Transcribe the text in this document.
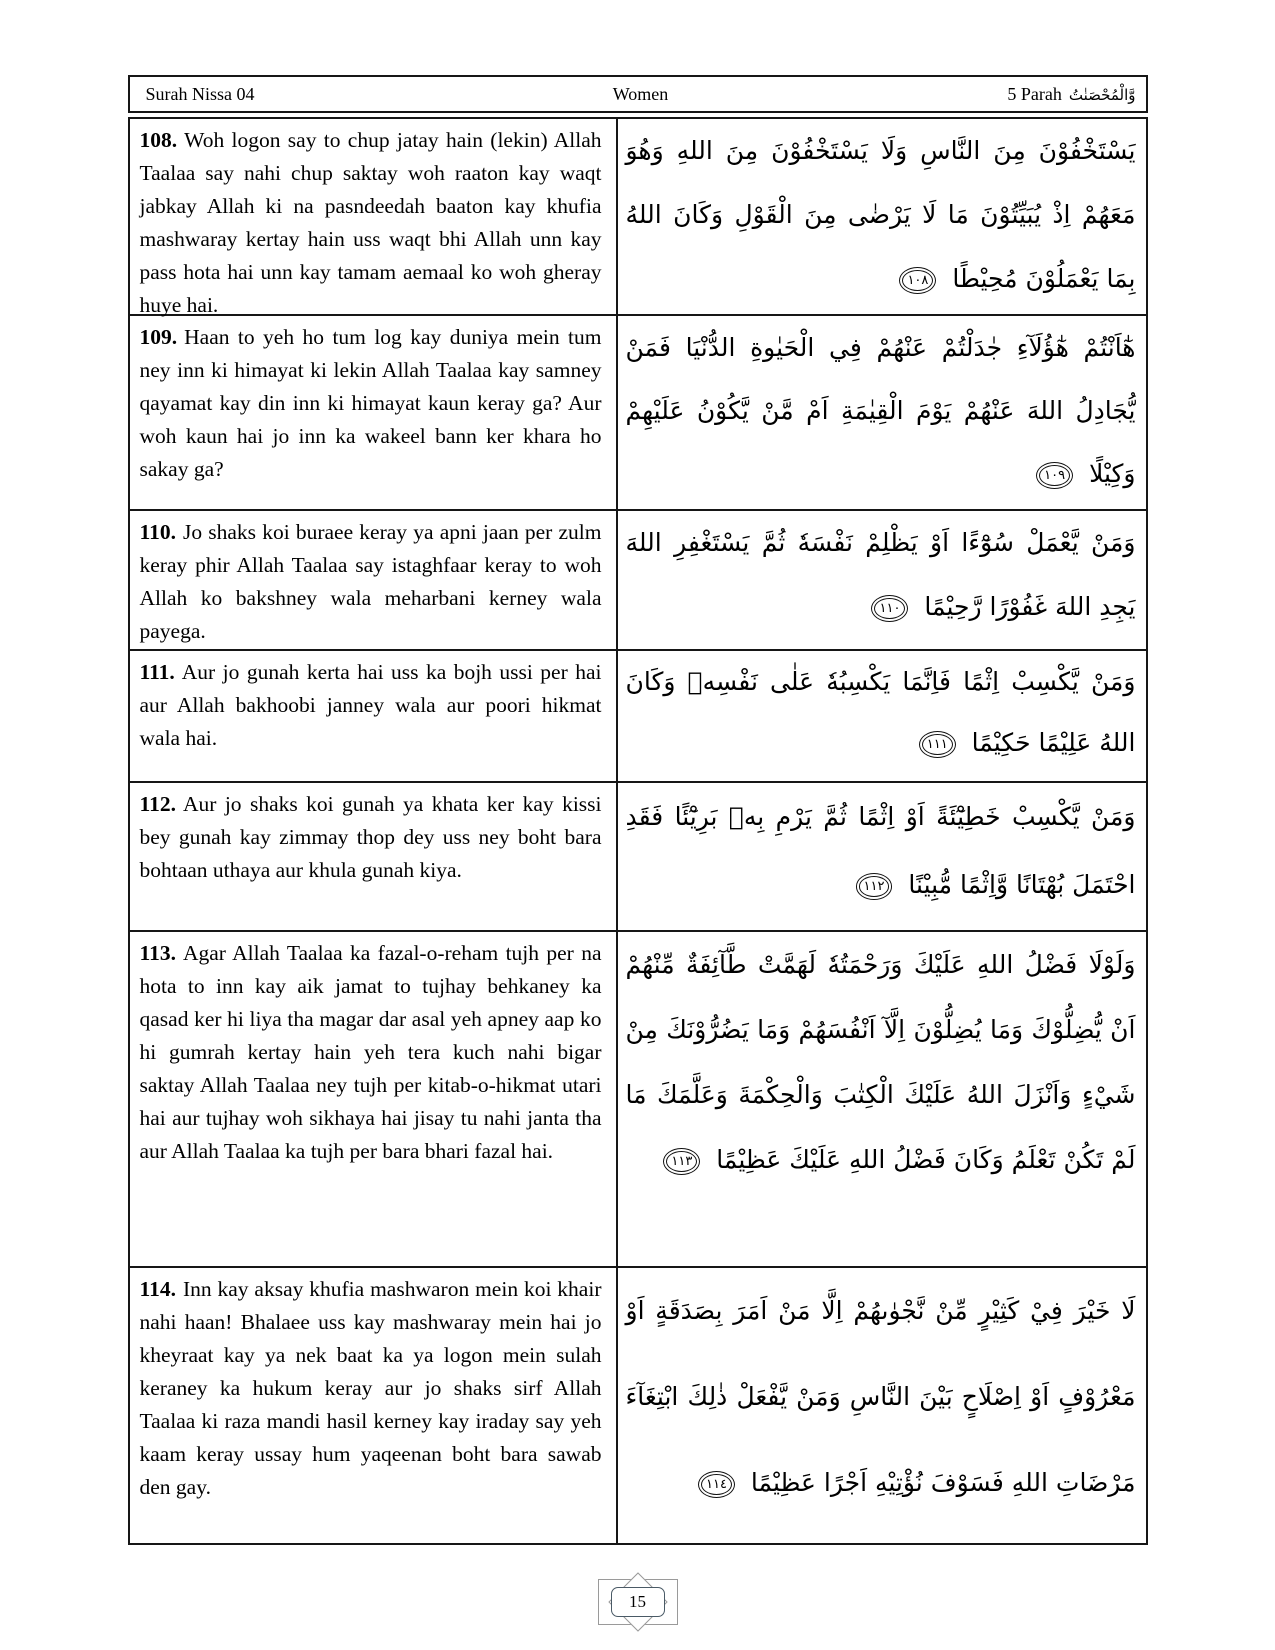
Surah Nissa 04	Women	5 Parah وَّالْمُحْصَنٰتُ
108. Woh logon say to chup jatay hain (lekin) Allah Taalaa say nahi chup saktay woh raaton kay waqt jabkay Allah ki na pasndeedah baaton kay khufia mashwaray kertay hain uss waqt bhi Allah unn kay pass hota hai unn kay tamam aemaal ko woh gheray huye hai.
يَسْتَخْفُوْنَ مِنَ النَّاسِ وَلَا يَسْتَخْفُوْنَ مِنَ اللهِ وَهُوَ مَعَهُمْ اِذْ يُبَيِّتُوْنَ مَا لَا يَرْضٰى مِنَ الْقَوْلِ وَكَانَ اللهُ بِمَا يَعْمَلُوْنَ مُحِيْطًا ١٠٨
109. Haan to yeh ho tum log kay duniya mein tum ney inn ki himayat ki lekin Allah Taalaa kay samney qayamat kay din inn ki himayat kaun keray ga? Aur woh kaun hai jo inn ka wakeel bann ker khara ho sakay ga?
هٰٓاَنْتُمْ هٰٓؤُلَآءِ جٰدَلْتُمْ عَنْهُمْ فِي الْحَيٰوةِ الدُّنْيَا فَمَنْ يُّجَادِلُ اللهَ عَنْهُمْ يَوْمَ الْقِيٰمَةِ اَمْ مَّنْ يَّكُوْنُ عَلَيْهِمْ وَكِيْلًا ١٠٩
110. Jo shaks koi buraee keray ya apni jaan per zulm keray phir Allah Taalaa say istaghfaar keray to woh Allah ko bakshney wala meharbani kerney wala payega.
وَمَنْ يَّعْمَلْ سُوْٓءًا اَوْ يَظْلِمْ نَفْسَهٗ ثُمَّ يَسْتَغْفِرِ اللهَ يَجِدِ اللهَ غَفُوْرًا رَّحِيْمًا ١١٠
111. Aur jo gunah kerta hai uss ka bojh ussi per hai aur Allah bakhoobi janney wala aur poori hikmat wala hai.
وَمَنْ يَّكْسِبْ اِثْمًا فَاِنَّمَا يَكْسِبُهٗ عَلٰى نَفْسِهٖ وَكَانَ اللهُ عَلِيْمًا حَكِيْمًا ١١١
112. Aur jo shaks koi gunah ya khata ker kay kissi bey gunah kay zimmay thop dey uss ney boht bara bohtaan uthaya aur khula gunah kiya.
وَمَنْ يَّكْسِبْ خَطِيْٓئَةً اَوْ اِثْمًا ثُمَّ يَرْمِ بِهٖ بَرِيْٓئًا فَقَدِ احْتَمَلَ بُهْتَانًا وَّاِثْمًا مُّبِيْنًا ١١٢
113. Agar Allah Taalaa ka fazal-o-reham tujh per na hota to inn kay aik jamat to tujhay behkaney ka qasad ker hi liya tha magar dar asal yeh apney aap ko hi gumrah kertay hain yeh tera kuch nahi bigar saktay Allah Taalaa ney tujh per kitab-o-hikmat utari hai aur tujhay woh sikhaya hai jisay tu nahi janta tha aur Allah Taalaa ka tujh per bara bhari fazal hai.
وَلَوْلَا فَضْلُ اللهِ عَلَيْكَ وَرَحْمَتُهٗ لَهَمَّتْ طَّآئِفَةٌ مِّنْهُمْ اَنْ يُّضِلُّوْكَ وَمَا يُضِلُّوْنَ اِلَّآ اَنْفُسَهُمْ وَمَا يَضُرُّوْنَكَ مِنْ شَيْءٍ وَاَنْزَلَ اللهُ عَلَيْكَ الْكِتٰبَ وَالْحِكْمَةَ وَعَلَّمَكَ مَا لَمْ تَكُنْ تَعْلَمُ وَكَانَ فَضْلُ اللهِ عَلَيْكَ عَظِيْمًا ١١٣
114. Inn kay aksay khufia mashwaron mein koi khair nahi haan! Bhalaee uss kay mashwaray mein hai jo kheyraat kay ya nek baat ka ya logon mein sulah keraney ka hukum keray aur jo shaks sirf Allah Taalaa ki raza mandi hasil kerney kay iraday say yeh kaam keray ussay hum yaqeenan boht bara sawab den gay.
لَا خَيْرَ فِيْ كَثِيْرٍ مِّنْ نَّجْوٰىهُمْ اِلَّا مَنْ اَمَرَ بِصَدَقَةٍ اَوْ مَعْرُوْفٍ اَوْ اِصْلَاحٍ بَيْنَ النَّاسِ وَمَنْ يَّفْعَلْ ذٰلِكَ ابْتِغَآءَ مَرْضَاتِ اللهِ فَسَوْفَ نُؤْتِيْهِ اَجْرًا عَظِيْمًا ١١٤
15
